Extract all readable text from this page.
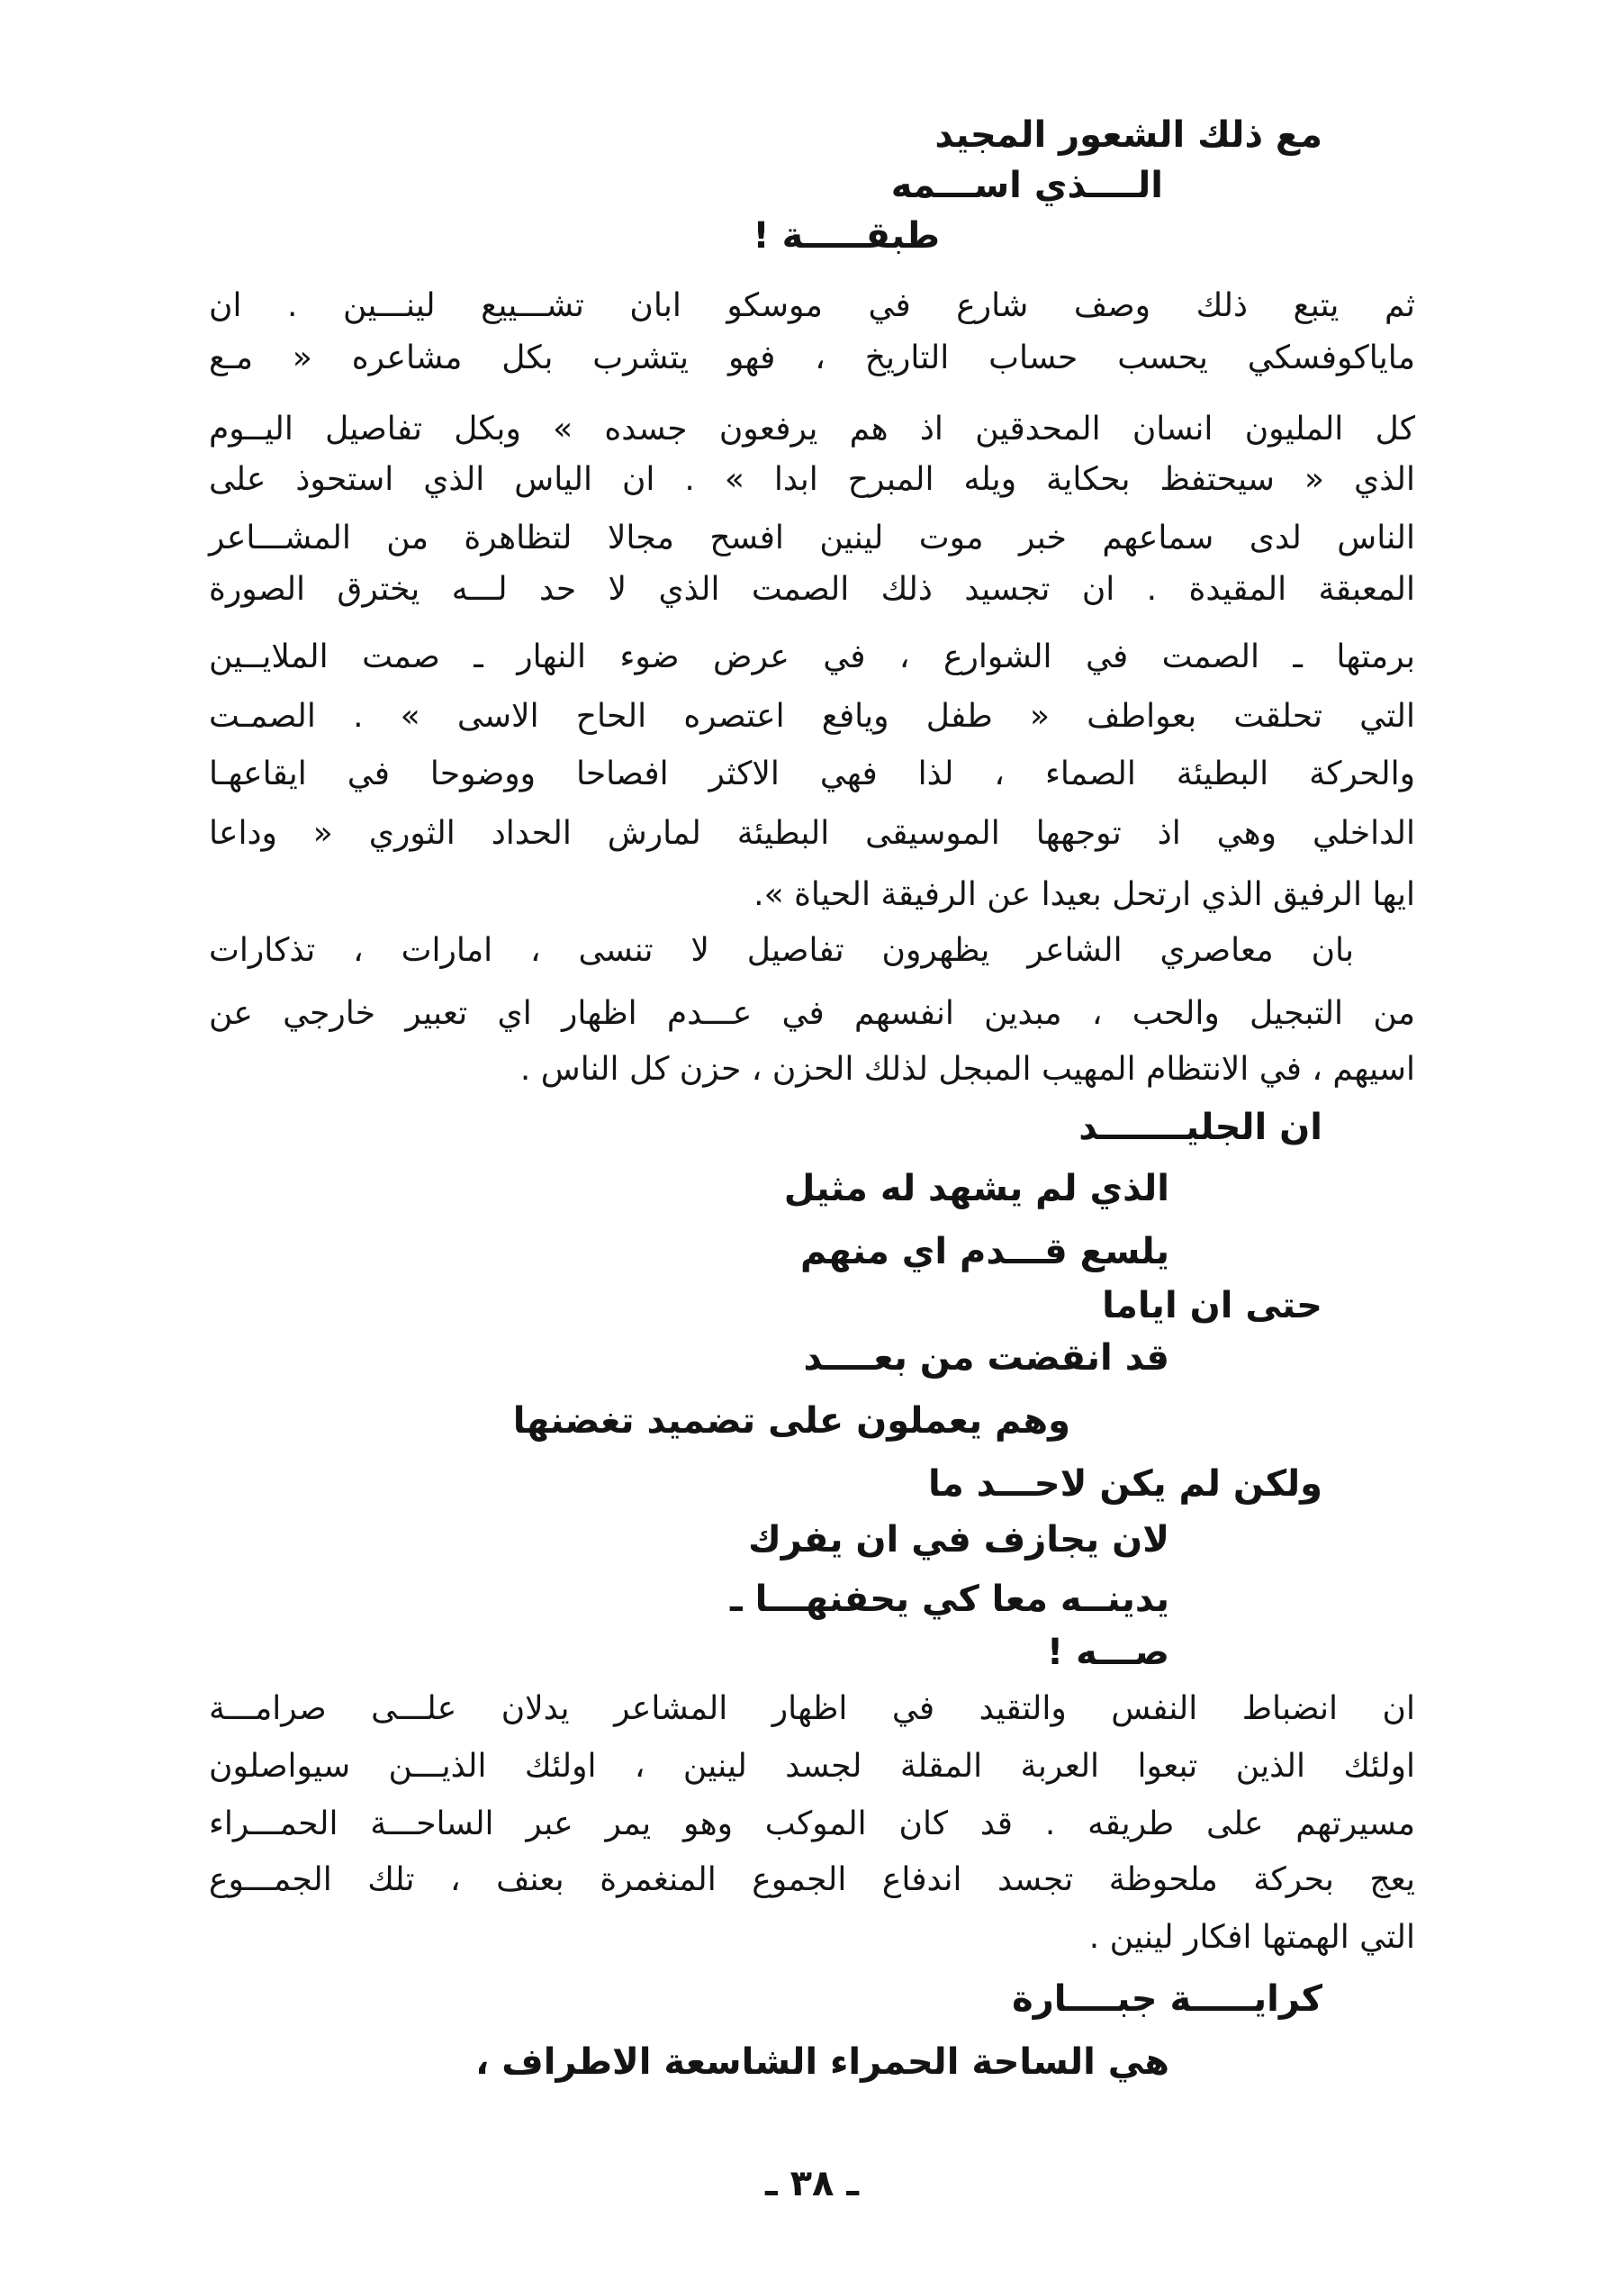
مع ذلك الشعور المجيد
الــــذي اســـمه
طبقـــــة !
ثم يتبع ذلك وصف شارع في موسكو ابان تشـــييع لينـــين . ان
ماياكوفسكي يحسب حساب التاريخ ، فهو يتشرب بكل مشاعره « مـع
كل المليون انسان المحدقين اذ هم يرفعون جسده » وبكل تفاصيل اليــوم
الذي « سيحتفظ بحكاية ويله المبرح ابدا » . ان الياس الذي استحوذ على
الناس لدى سماعهم خبر موت لينين افسح مجالا لتظاهرة من المشـــاعر
المعبقة المقيدة . ان تجسيد ذلك الصمت الذي لا حد لـــه يخترق الصورة
برمتها ـ الصمت في الشوارع ، في عرض ضوء النهار ـ صمت الملايــين
التي تحلقت بعواطف « طفل ويافع اعتصره الحاح الاسى » . الصمـت
والحركة البطيئة الصماء ، لذا فهي الاكثر افصاحا ووضوحا في ايقاعهـا
الداخلي وهي اذ توجهها الموسيقى البطيئة لمارش الحداد الثوري « وداعا
ايها الرفيق الذي ارتحل بعيدا عن الرفيقة الحياة ».
بان معاصري الشاعر يظهرون تفاصيل لا تنسى ، امارات ، تذكارات
من التبجيل والحب ، مبدين انفسهم في عـــدم اظهار اي تعبير خارجي عن
اسيهم ، في الانتظام المهيب المبجل لذلك الحزن ، حزن كل الناس .
ان الجليـــــــد
الذي لم يشهد له مثيل
يلسع قـــدم اي منهم
حتى ان اياما
قد انقضت من بعــــد
وهم يعملون على تضميد تغضنها
ولكن لم يكن لاحـــد ما
لان يجازف في ان يفرك
يدينــه معا كي يحفنهـــا ـ
صـــه !
ان انضباط النفس والتقيد في اظهار المشاعر يدلان علـــى صرامـــة
اولئك الذين تبعوا العربة المقلة لجسد لينين ، اولئك الذيـــن سيواصلون
مسيرتهم على طريقه . قد كان الموكب وهو يمر عبر الساحـــة الحمـــراء
يعج بحركة ملحوظة تجسد اندفاع الجموع المنغمرة بعنف ، تلك الجمـــوع
التي الهمتها افكار لينين .
كرايـــــة جبــــارة
هي الساحة الحمراء الشاسعة الاطراف ،
ـ ٣٨ ـ
